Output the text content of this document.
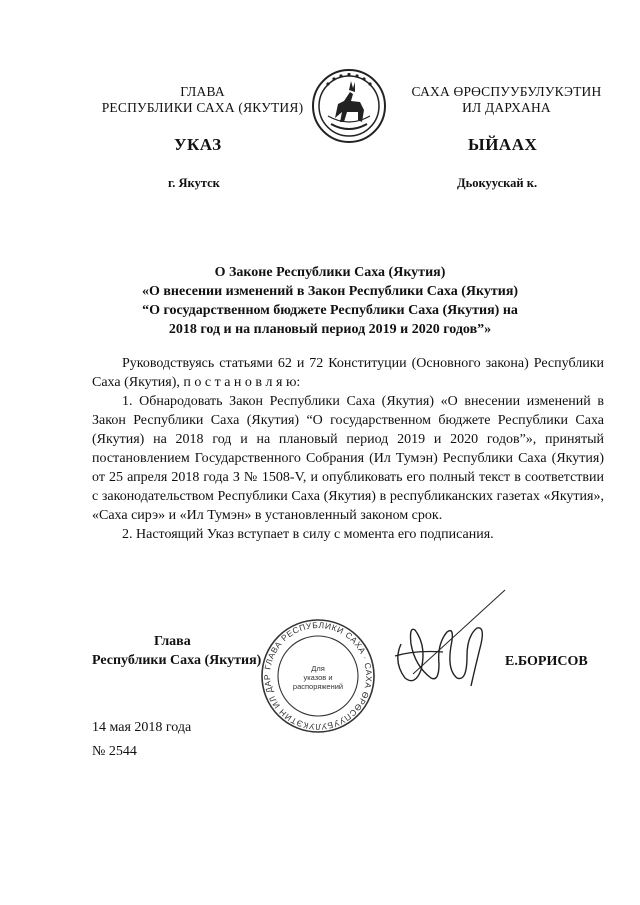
ГЛАВА
РЕСПУБЛИКИ САХА (ЯКУТИЯ)
САХА ӨРӨСПУУБУЛУКЭТИН
ИЛ ДАРХАНА
УКАЗ	ЫЙААХ
г. Якутск	Дьокуускай к.
О Законе Республики Саха (Якутия)
«О внесении изменений в Закон Республики Саха (Якутия)
“О государственном бюджете Республики Саха (Якутия) на
2018 год и на плановый период 2019 и 2020 годов”»

Руководствуясь статьями 62 и 72 Конституции (Основного закона) Республики Саха (Якутия), п о с т а н о в л я ю:

1. Обнародовать Закон Республики Саха (Якутия) «О внесении изменений в Закон Республики Саха (Якутия) “О государственном бюджете Республики Саха (Якутия) на 2018 год и на плановый период 2019 и 2020 годов”», принятый постановлением Государственного Собрания (Ил Тумэн) Республики Саха (Якутия) от 25 апреля 2018 года З № 1508-V, и опубликовать его полный текст в соответствии с законодательством Республики Саха (Якутия) в республиканских газетах «Якутия», «Саха сирэ» и «Ил Тумэн» в установленный законом срок.

2. Настоящий Указ вступает в силу с момента его подписания.

ГЛАВА РЕСПУБЛИКИ САХА · САХА ӨРӨСПУУБУЛУКЭТИН ИЛ ДАР
Для
указов и
распоряжений
Глава
Республики Саха (Якутия)	Е.БОРИСОВ
14 мая 2018 года
№ 2544
